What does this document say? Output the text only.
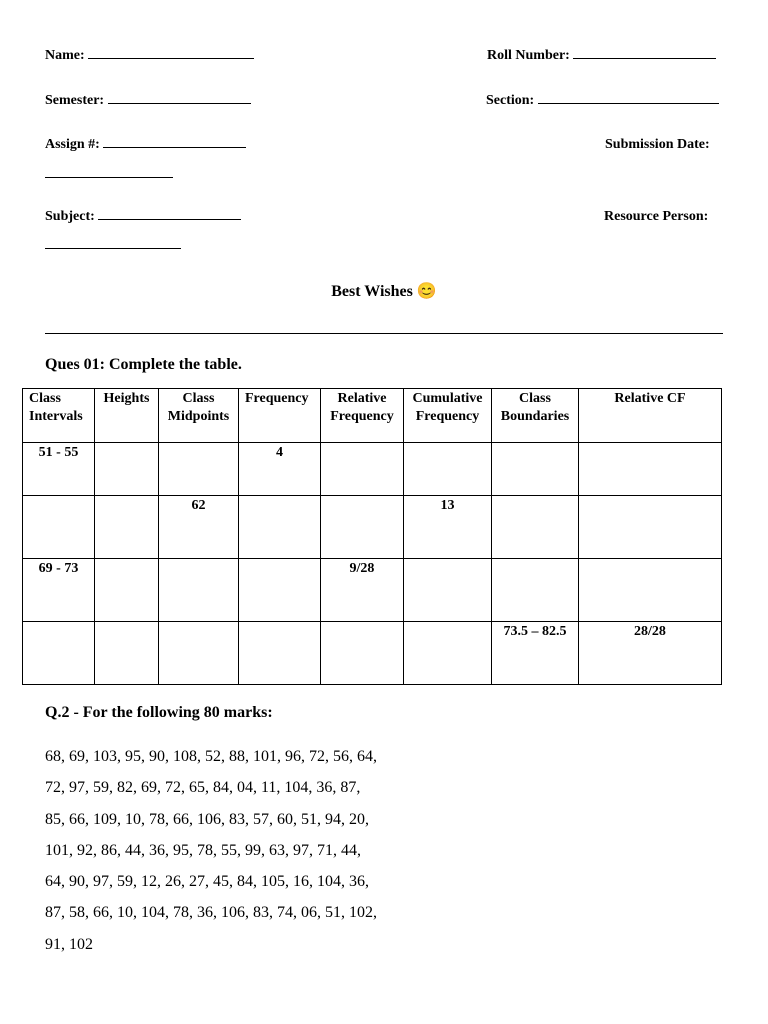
Name:	Roll Number:
Semester:	Section:
Assign #:	Submission Date:
Subject:	Resource Person:
Best Wishes 😊
Ques 01: Complete the table.
Class Intervals	Heights	Class Midpoints	Frequency	Relative Frequency	Cumulative Frequency	Class Boundaries	Relative CF
51 - 55			4				
		62			13		
69 - 73				9/28			
						73.5 – 82.5	28/28
Q.2 - For the following 80 marks:
68, 69, 103, 95, 90, 108, 52, 88, 101, 96, 72, 56, 64,
72, 97, 59, 82, 69, 72, 65, 84, 04, 11, 104, 36, 87,
85, 66, 109, 10, 78, 66, 106, 83, 57, 60, 51, 94, 20,
101, 92, 86, 44, 36, 95, 78, 55, 99, 63, 97, 71, 44,
64, 90, 97, 59, 12, 26, 27, 45, 84, 105, 16, 104, 36,
87, 58, 66, 10, 104, 78, 36, 106, 83, 74, 06, 51, 102,
91, 102
